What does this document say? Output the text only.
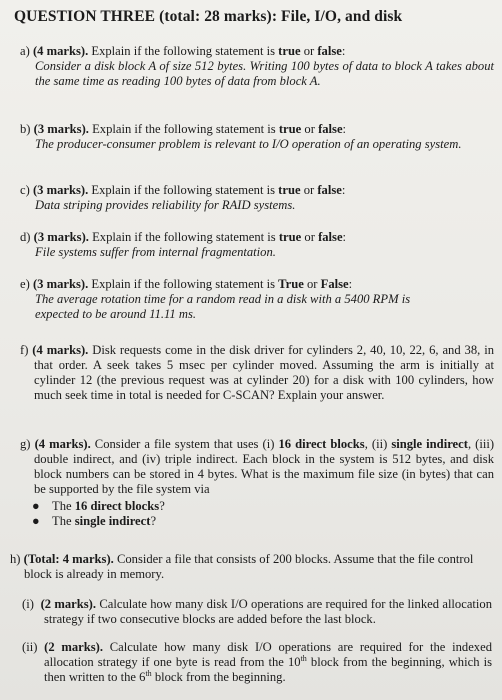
QUESTION THREE (total: 28 marks): File, I/O, and disk
a) (4 marks). Explain if the following statement is true or false:
Consider a disk block A of size 512 bytes. Writing 100 bytes of data to block A takes about the same time as reading 100 bytes of data from block A.
b) (3 marks). Explain if the following statement is true or false:
The producer-consumer problem is relevant to I/O operation of an operating system.
c) (3 marks). Explain if the following statement is true or false:
Data striping provides reliability for RAID systems.
d) (3 marks). Explain if the following statement is true or false:
File systems suffer from internal fragmentation.
e) (3 marks). Explain if the following statement is True or False:
The average rotation time for a random read in a disk with a 5400 RPM is expected to be around 11.11 ms.
f) (4 marks). Disk requests come in the disk driver for cylinders 2, 40, 10, 22, 6, and 38, in that order. A seek takes 5 msec per cylinder moved. Assuming the arm is initially at cylinder 12 (the previous request was at cylinder 20) for a disk with 100 cylinders, how much seek time in total is needed for C-SCAN? Explain your answer.
g) (4 marks). Consider a file system that uses (i) 16 direct blocks, (ii) single indirect, (iii) double indirect, and (iv) triple indirect. Each block in the system is 512 bytes, and disk block numbers can be stored in 4 bytes. What is the maximum file size (in bytes) that can be supported by the file system via
● The 16 direct blocks?
● The single indirect?
h) (Total: 4 marks). Consider a file that consists of 200 blocks. Assume that the file control block is already in memory.
(i) (2 marks). Calculate how many disk I/O operations are required for the linked allocation strategy if two consecutive blocks are added before the last block.
(ii) (2 marks). Calculate how many disk I/O operations are required for the indexed allocation strategy if one byte is read from the 10th block from the beginning, which is then written to the 6th block from the beginning.
